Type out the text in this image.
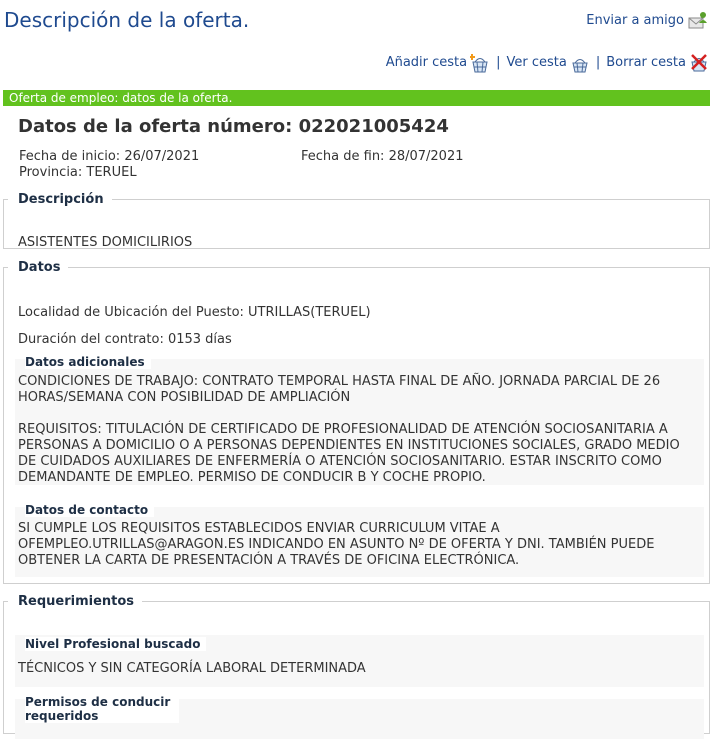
Descripción de la oferta.	Enviar a amigo
Añadir cesta | Ver cesta | Borrar cesta
Oferta de empleo: datos de la oferta.
Datos de la oferta número: 022021005424
Fecha de inicio: 26/07/2021	Fecha de fin: 28/07/2021
Provincia: TERUEL
Descripción
ASISTENTES DOMICILIRIOS
Datos
Localidad de Ubicación del Puesto: UTRILLAS(TERUEL)
Duración del contrato: 0153 días
Datos adicionales
CONDICIONES DE TRABAJO: CONTRATO TEMPORAL HASTA FINAL DE AÑO. JORNADA PARCIAL DE 26 HORAS/SEMANA CON POSIBILIDAD DE AMPLIACIÓN

REQUISITOS: TITULACIÓN DE CERTIFICADO DE PROFESIONALIDAD DE ATENCIÓN SOCIOSANITARIA A PERSONAS A DOMICILIO O A PERSONAS DEPENDIENTES EN INSTITUCIONES SOCIALES, GRADO MEDIO DE CUIDADOS AUXILIARES DE ENFERMERÍA O ATENCIÓN SOCIOSANITARIO. ESTAR INSCRITO COMO DEMANDANTE DE EMPLEO. PERMISO DE CONDUCIR B Y COCHE PROPIO.
Datos de contacto
SI CUMPLE LOS REQUISITOS ESTABLECIDOS ENVIAR CURRICULUM VITAE A OFEMPLEO.UTRILLAS@ARAGON.ES INDICANDO EN ASUNTO Nº DE OFERTA Y DNI. TAMBIÉN PUEDE OBTENER LA CARTA DE PRESENTACIÓN A TRAVÉS DE OFICINA ELECTRÓNICA.
Requerimientos
Nivel Profesional buscado
TÉCNICOS Y SIN CATEGORÍA LABORAL DETERMINADA
Permisos de conducir requeridos
